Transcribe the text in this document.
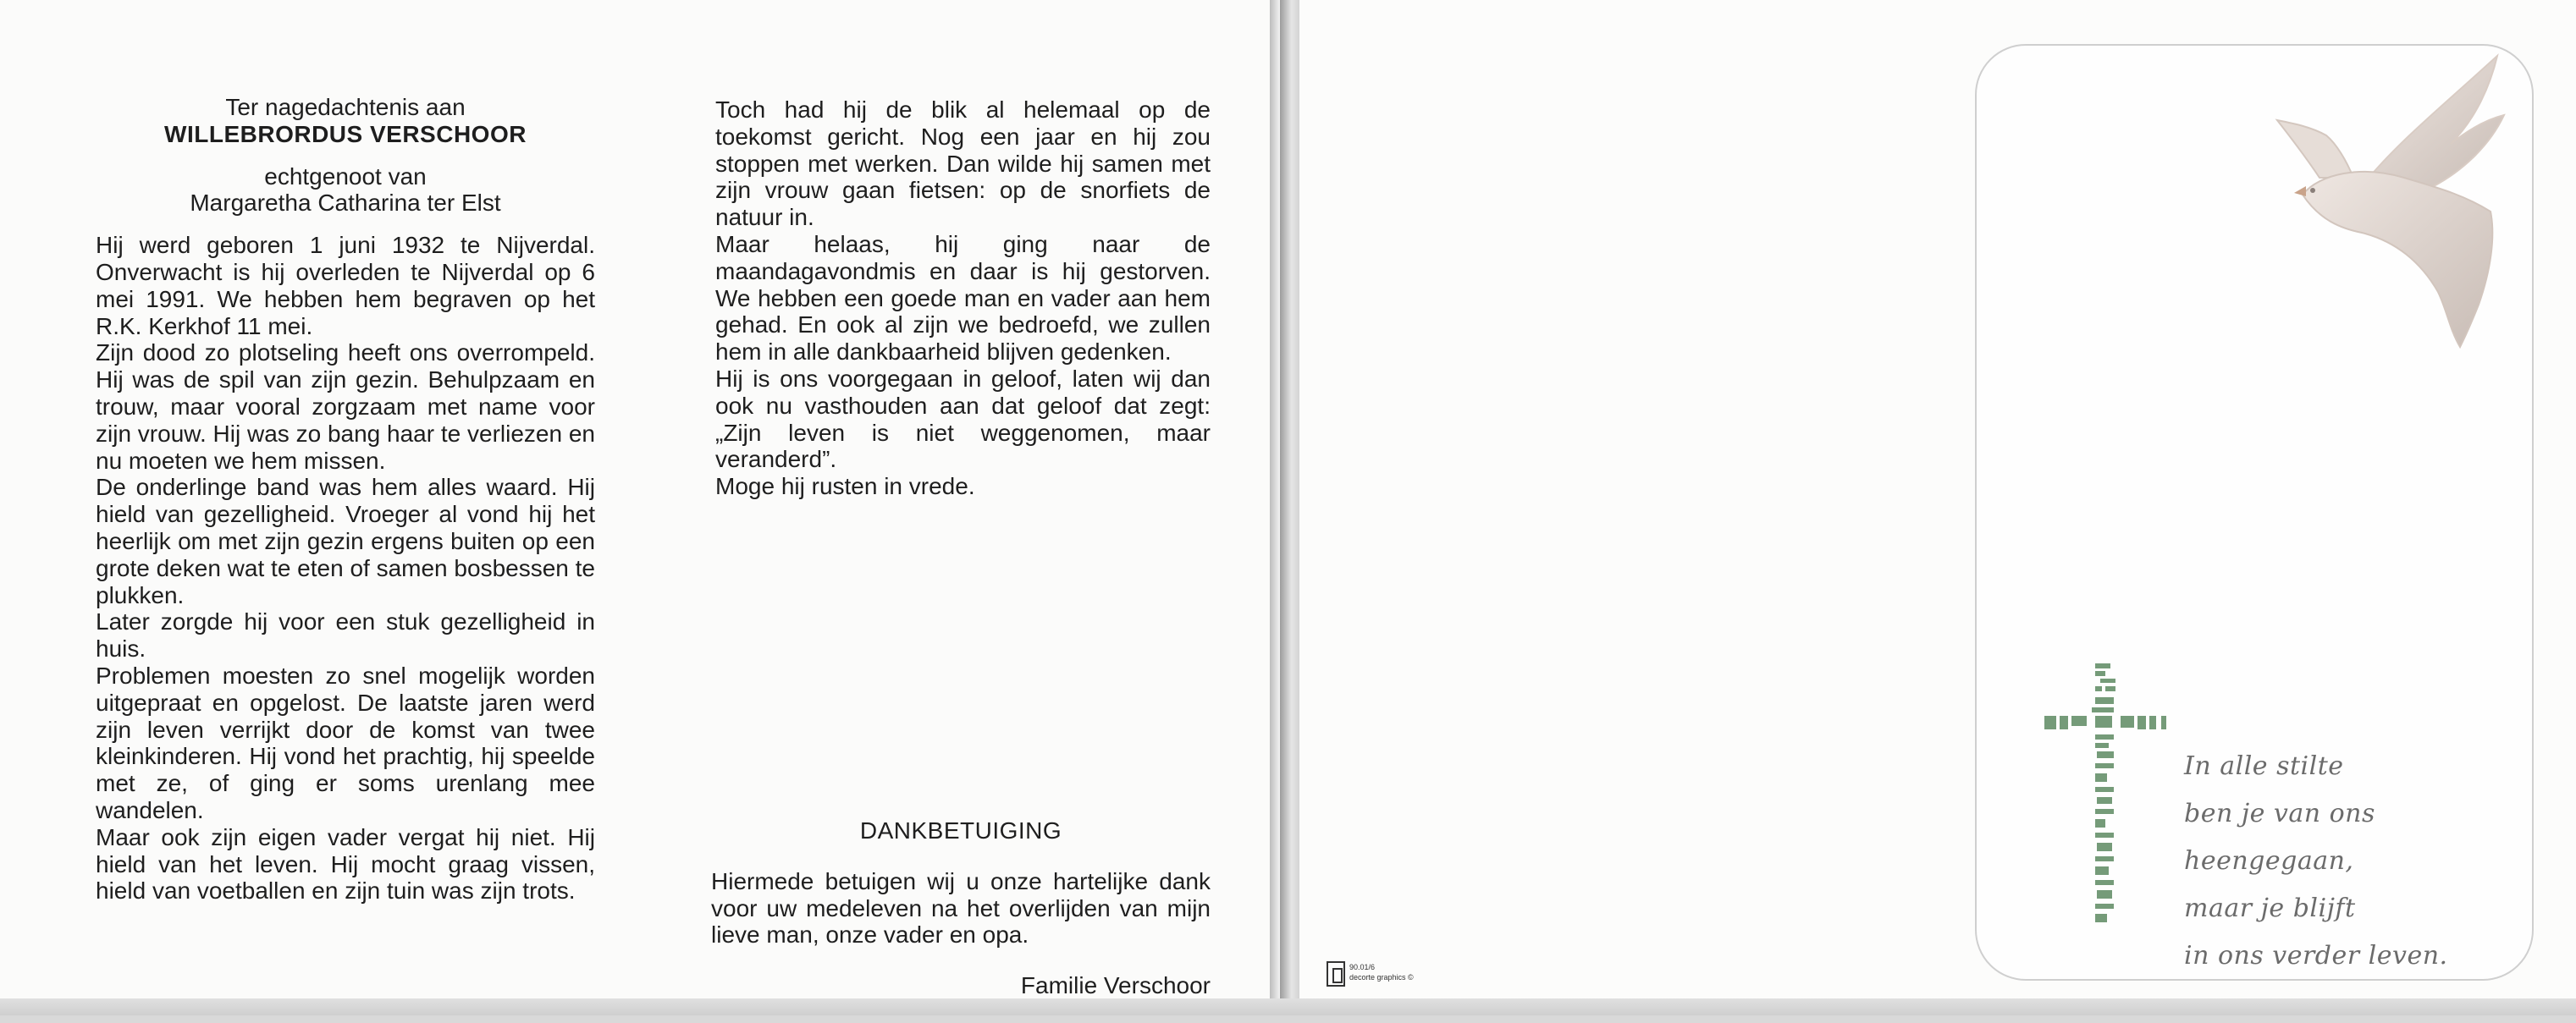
Ter nagedachtenis aan

WILLEBRORDUS VERSCHOOR

echtgenoot van

Margaretha Catharina ter Elst

Hij werd geboren 1 juni 1932 te Nijverdal. Onverwacht is hij overleden te Nijverdal op 6 mei 1991. We hebben hem begraven op het R.K. Kerkhof 11 mei.

Zijn dood zo plotseling heeft ons overrompeld. Hij was de spil van zijn gezin. Behulpzaam en trouw, maar vooral zorgzaam met name voor zijn vrouw. Hij was zo bang haar te verliezen en nu moeten we hem missen.

De onderlinge band was hem alles waard. Hij hield van gezelligheid. Vroeger al vond hij het heerlijk om met zijn gezin ergens buiten op een grote deken wat te eten of samen bosbessen te plukken.

Later zorgde hij voor een stuk gezelligheid in huis.

Problemen moesten zo snel mogelijk worden uitgepraat en opgelost. De laatste jaren werd zijn leven verrijkt door de komst van twee kleinkinderen. Hij vond het prachtig, hij speelde met ze, of ging er soms urenlang mee wandelen.

Maar ook zijn eigen vader vergat hij niet. Hij hield van het leven. Hij mocht graag vissen, hield van voetballen en zijn tuin was zijn trots.

Toch had hij de blik al helemaal op de toekomst gericht. Nog een jaar en hij zou stoppen met werken. Dan wilde hij samen met zijn vrouw gaan fietsen: op de snorfiets de natuur in.

Maar helaas, hij ging naar de maandagavondmis en daar is hij gestorven. We hebben een goede man en vader aan hem gehad. En ook al zijn we bedroefd, we zullen hem in alle dankbaarheid blijven gedenken.

Hij is ons voorgegaan in geloof, laten wij dan ook nu vasthouden aan dat geloof dat zegt: „Zijn leven is niet weggenomen, maar veranderd”.

Moge hij rusten in vrede.

DANKBETUIGING

Hiermede betuigen wij u onze hartelijke dank voor uw medeleven na het overlijden van mijn lieve man, onze vader en opa.

Familie Verschoor

In alle stilte

ben je van ons heengegaan,

maar je blijft

in ons verder leven.

90.01/6
decorte graphics ©
